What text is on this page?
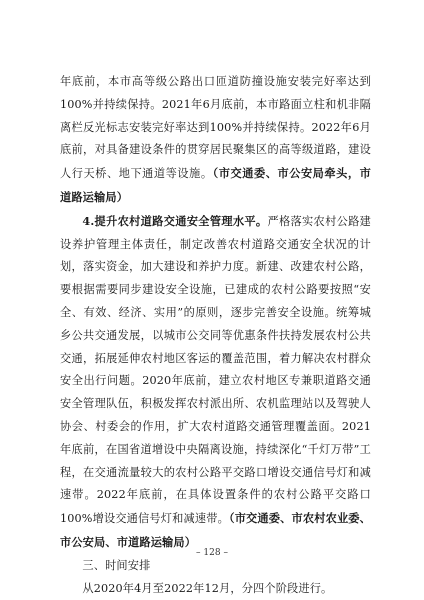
年底前，本市高等级公路出口匝道防撞设施安装完好率达到100%并持续保持。2021年6月底前，本市路面立柱和机非隔离栏反光标志安装完好率达到100%并持续保持。2022年6月底前，对具备建设条件的贯穿居民聚集区的高等级道路，建设人行天桥、地下通道等设施。（市交通委、市公安局牵头，市道路运输局）

4.提升农村道路交通安全管理水平。严格落实农村公路建设养护管理主体责任，制定改善农村道路交通安全状况的计划，落实资金，加大建设和养护力度。新建、改建农村公路，要根据需要同步建设安全设施，已建成的农村公路要按照“安全、有效、经济、实用”的原则，逐步完善安全设施。统筹城乡公共交通发展，以城市公交同等优惠条件扶持发展农村公共交通，拓展延伸农村地区客运的覆盖范围，着力解决农村群众安全出行问题。2020年底前，建立农村地区专兼职道路交通安全管理队伍，积极发挥农村派出所、农机监理站以及驾驶人协会、村委会的作用，扩大农村道路交通管理覆盖面。2021年底前，在国省道增设中央隔离设施，持续深化“千灯万带”工程，在交通流量较大的农村公路平交路口增设交通信号灯和减速带。2022年底前，在具体设置条件的农村公路平交路口100%增设交通信号灯和减速带。（市交通委、市农村农业委、市公安局、市道路运输局）

三、时间安排

从2020年4月至2022年12月，分四个阶段进行。

– 128 –
